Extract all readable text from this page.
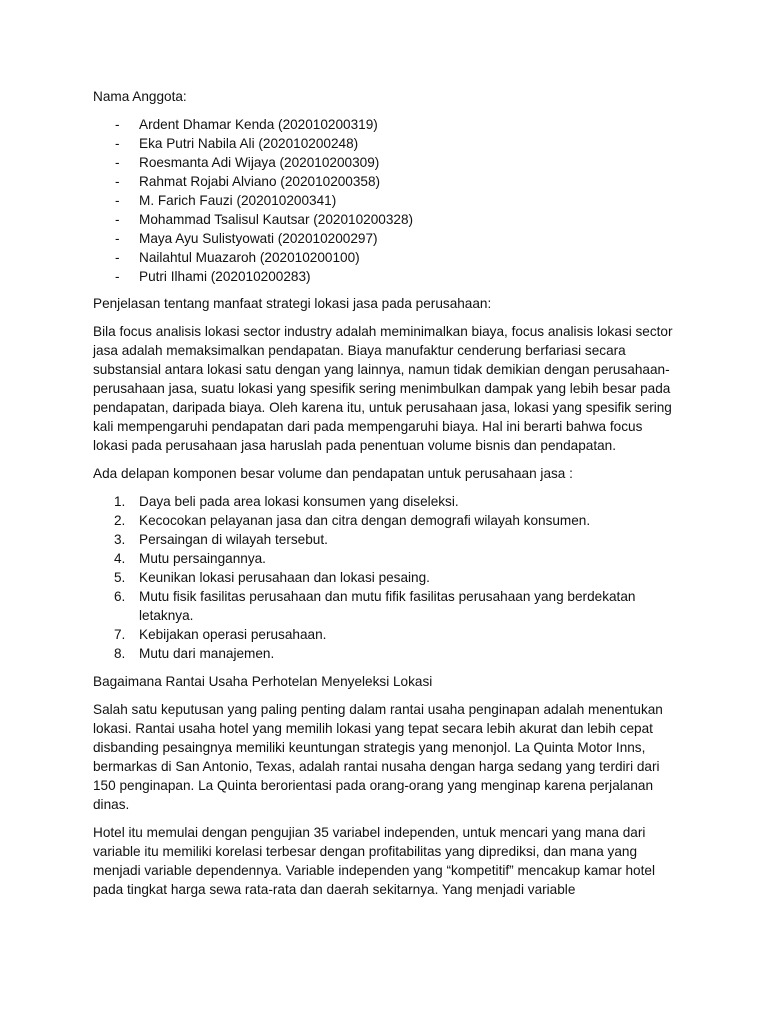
Nama Anggota:

- Ardent Dhamar Kenda (202010200319)
- Eka Putri Nabila Ali (202010200248)
- Roesmanta Adi Wijaya (202010200309)
- Rahmat Rojabi Alviano (202010200358)
- M. Farich Fauzi (202010200341)
- Mohammad Tsalisul Kautsar (202010200328)
- Maya Ayu Sulistyowati (202010200297)
- Nailahtul Muazaroh (202010200100)
- Putri Ilhami (202010200283)

Penjelasan tentang manfaat strategi lokasi jasa pada perusahaan:

Bila focus analisis lokasi sector industry adalah meminimalkan biaya, focus analisis lokasi sector jasa adalah memaksimalkan pendapatan. Biaya manufaktur cenderung berfariasi secara substansial antara lokasi satu dengan yang lainnya, namun tidak demikian dengan perusahaan-perusahaan jasa, suatu lokasi yang spesifik sering menimbulkan dampak yang lebih besar pada pendapatan, daripada biaya. Oleh karena itu, untuk perusahaan jasa, lokasi yang spesifik sering kali mempengaruhi pendapatan dari pada mempengaruhi biaya. Hal ini berarti bahwa focus lokasi pada perusahaan jasa haruslah pada penentuan volume bisnis dan pendapatan.

Ada delapan komponen besar volume dan pendapatan untuk perusahaan jasa :

1. Daya beli pada area lokasi konsumen yang diseleksi.
2. Kecocokan pelayanan jasa dan citra dengan demografi wilayah konsumen.
3. Persaingan di wilayah tersebut.
4. Mutu persaingannya.
5. Keunikan lokasi perusahaan dan lokasi pesaing.
6. Mutu fisik fasilitas perusahaan dan mutu fifik fasilitas perusahaan yang berdekatan letaknya.
7. Kebijakan operasi perusahaan.
8. Mutu dari manajemen.

Bagaimana Rantai Usaha Perhotelan Menyeleksi Lokasi

Salah satu keputusan yang paling penting dalam rantai usaha penginapan adalah menentukan lokasi. Rantai usaha hotel yang memilih lokasi yang tepat secara lebih akurat dan lebih cepat disbanding pesaingnya memiliki keuntungan strategis yang menonjol. La Quinta Motor Inns, bermarkas di San Antonio, Texas, adalah rantai nusaha dengan harga sedang yang terdiri dari 150 penginapan. La Quinta berorientasi pada orang-orang yang menginap karena perjalanan dinas.

Hotel itu memulai dengan pengujian 35 variabel independen, untuk mencari yang mana dari variable itu memiliki korelasi terbesar dengan profitabilitas yang diprediksi, dan mana yang menjadi variable dependennya. Variable independen yang “kompetitif” mencakup kamar hotel pada tingkat harga sewa rata-rata dan daerah sekitarnya. Yang menjadi variable
